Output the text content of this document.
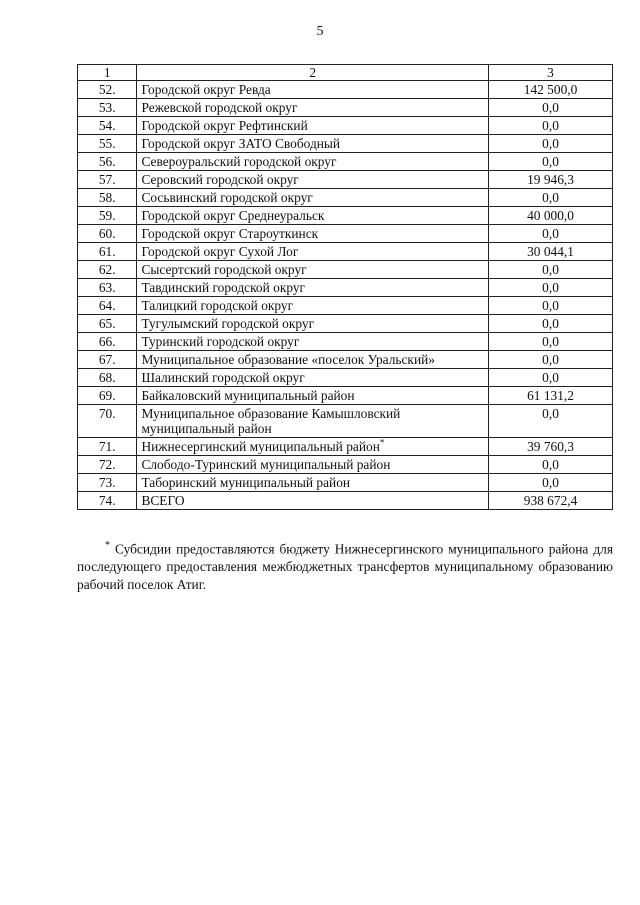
5
1	2	3
52.	Городской округ Ревда	142 500,0
53.	Режевской городской округ	0,0
54.	Городской округ Рефтинский	0,0
55.	Городской округ ЗАТО Свободный	0,0
56.	Североуральский городской округ	0,0
57.	Серовский городской округ	19 946,3
58.	Сосьвинский городской округ	0,0
59.	Городской округ Среднеуральск	40 000,0
60.	Городской округ Староуткинск	0,0
61.	Городской округ Сухой Лог	30 044,1
62.	Сысертский городской округ	0,0
63.	Тавдинский городской округ	0,0
64.	Талицкий городской округ	0,0
65.	Тугулымский городской округ	0,0
66.	Туринский городской округ	0,0
67.	Муниципальное образование «поселок Уральский»	0,0
68.	Шалинский городской округ	0,0
69.	Байкаловский муниципальный район	61 131,2
70.	Муниципальное образование Камышловский муниципальный район	0,0
71.	Нижнесергинский муниципальный район*	39 760,3
72.	Слободо-Туринский муниципальный район	0,0
73.	Таборинский муниципальный район	0,0
74.	ВСЕГО	938 672,4
* Субсидии предоставляются бюджету Нижнесергинского муниципального района для последующего предоставления межбюджетных трансфертов муниципальному образованию рабочий поселок Атиг.
